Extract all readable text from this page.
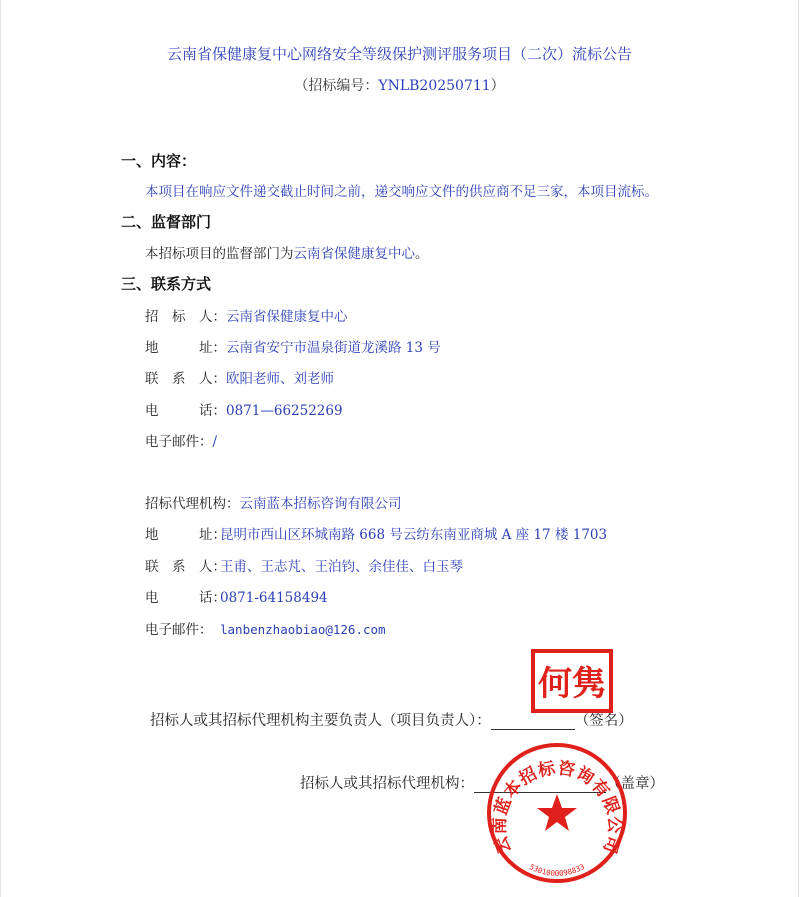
云南省保健康复中心网络安全等级保护测评服务项目（二次）流标公告
（招标编号：YNLB20250711）
一、内容：
本项目在响应文件递交截止时间之前，递交响应文件的供应商不足三家，本项目流标。
二、监督部门
本招标项目的监督部门为云南省保健康复中心。
三、联系方式
招　标　人：云南省保健康复中心
地　　　址：云南省安宁市温泉街道龙溪路 13 号
联　系　人：欧阳老师、刘老师
电　　　话：0871—66252269
电子邮件：/
招标代理机构：云南蓝本招标咨询有限公司
地　　　址：昆明市西山区环城南路 668 号云纺东南亚商城 A 座 17 楼 1703
联　系　人：王甫、王志芃、王泊钧、余佳佳、白玉琴
电　　　话：0871-64158494
电子邮件： lanbenzhaobiao@126.com
招标人或其招标代理机构主要负责人（项目负责人）：	（签名）
何隽
招标人或其招标代理机构：	（盖章）
云南蓝本招标咨询有限公司
5301000098833
